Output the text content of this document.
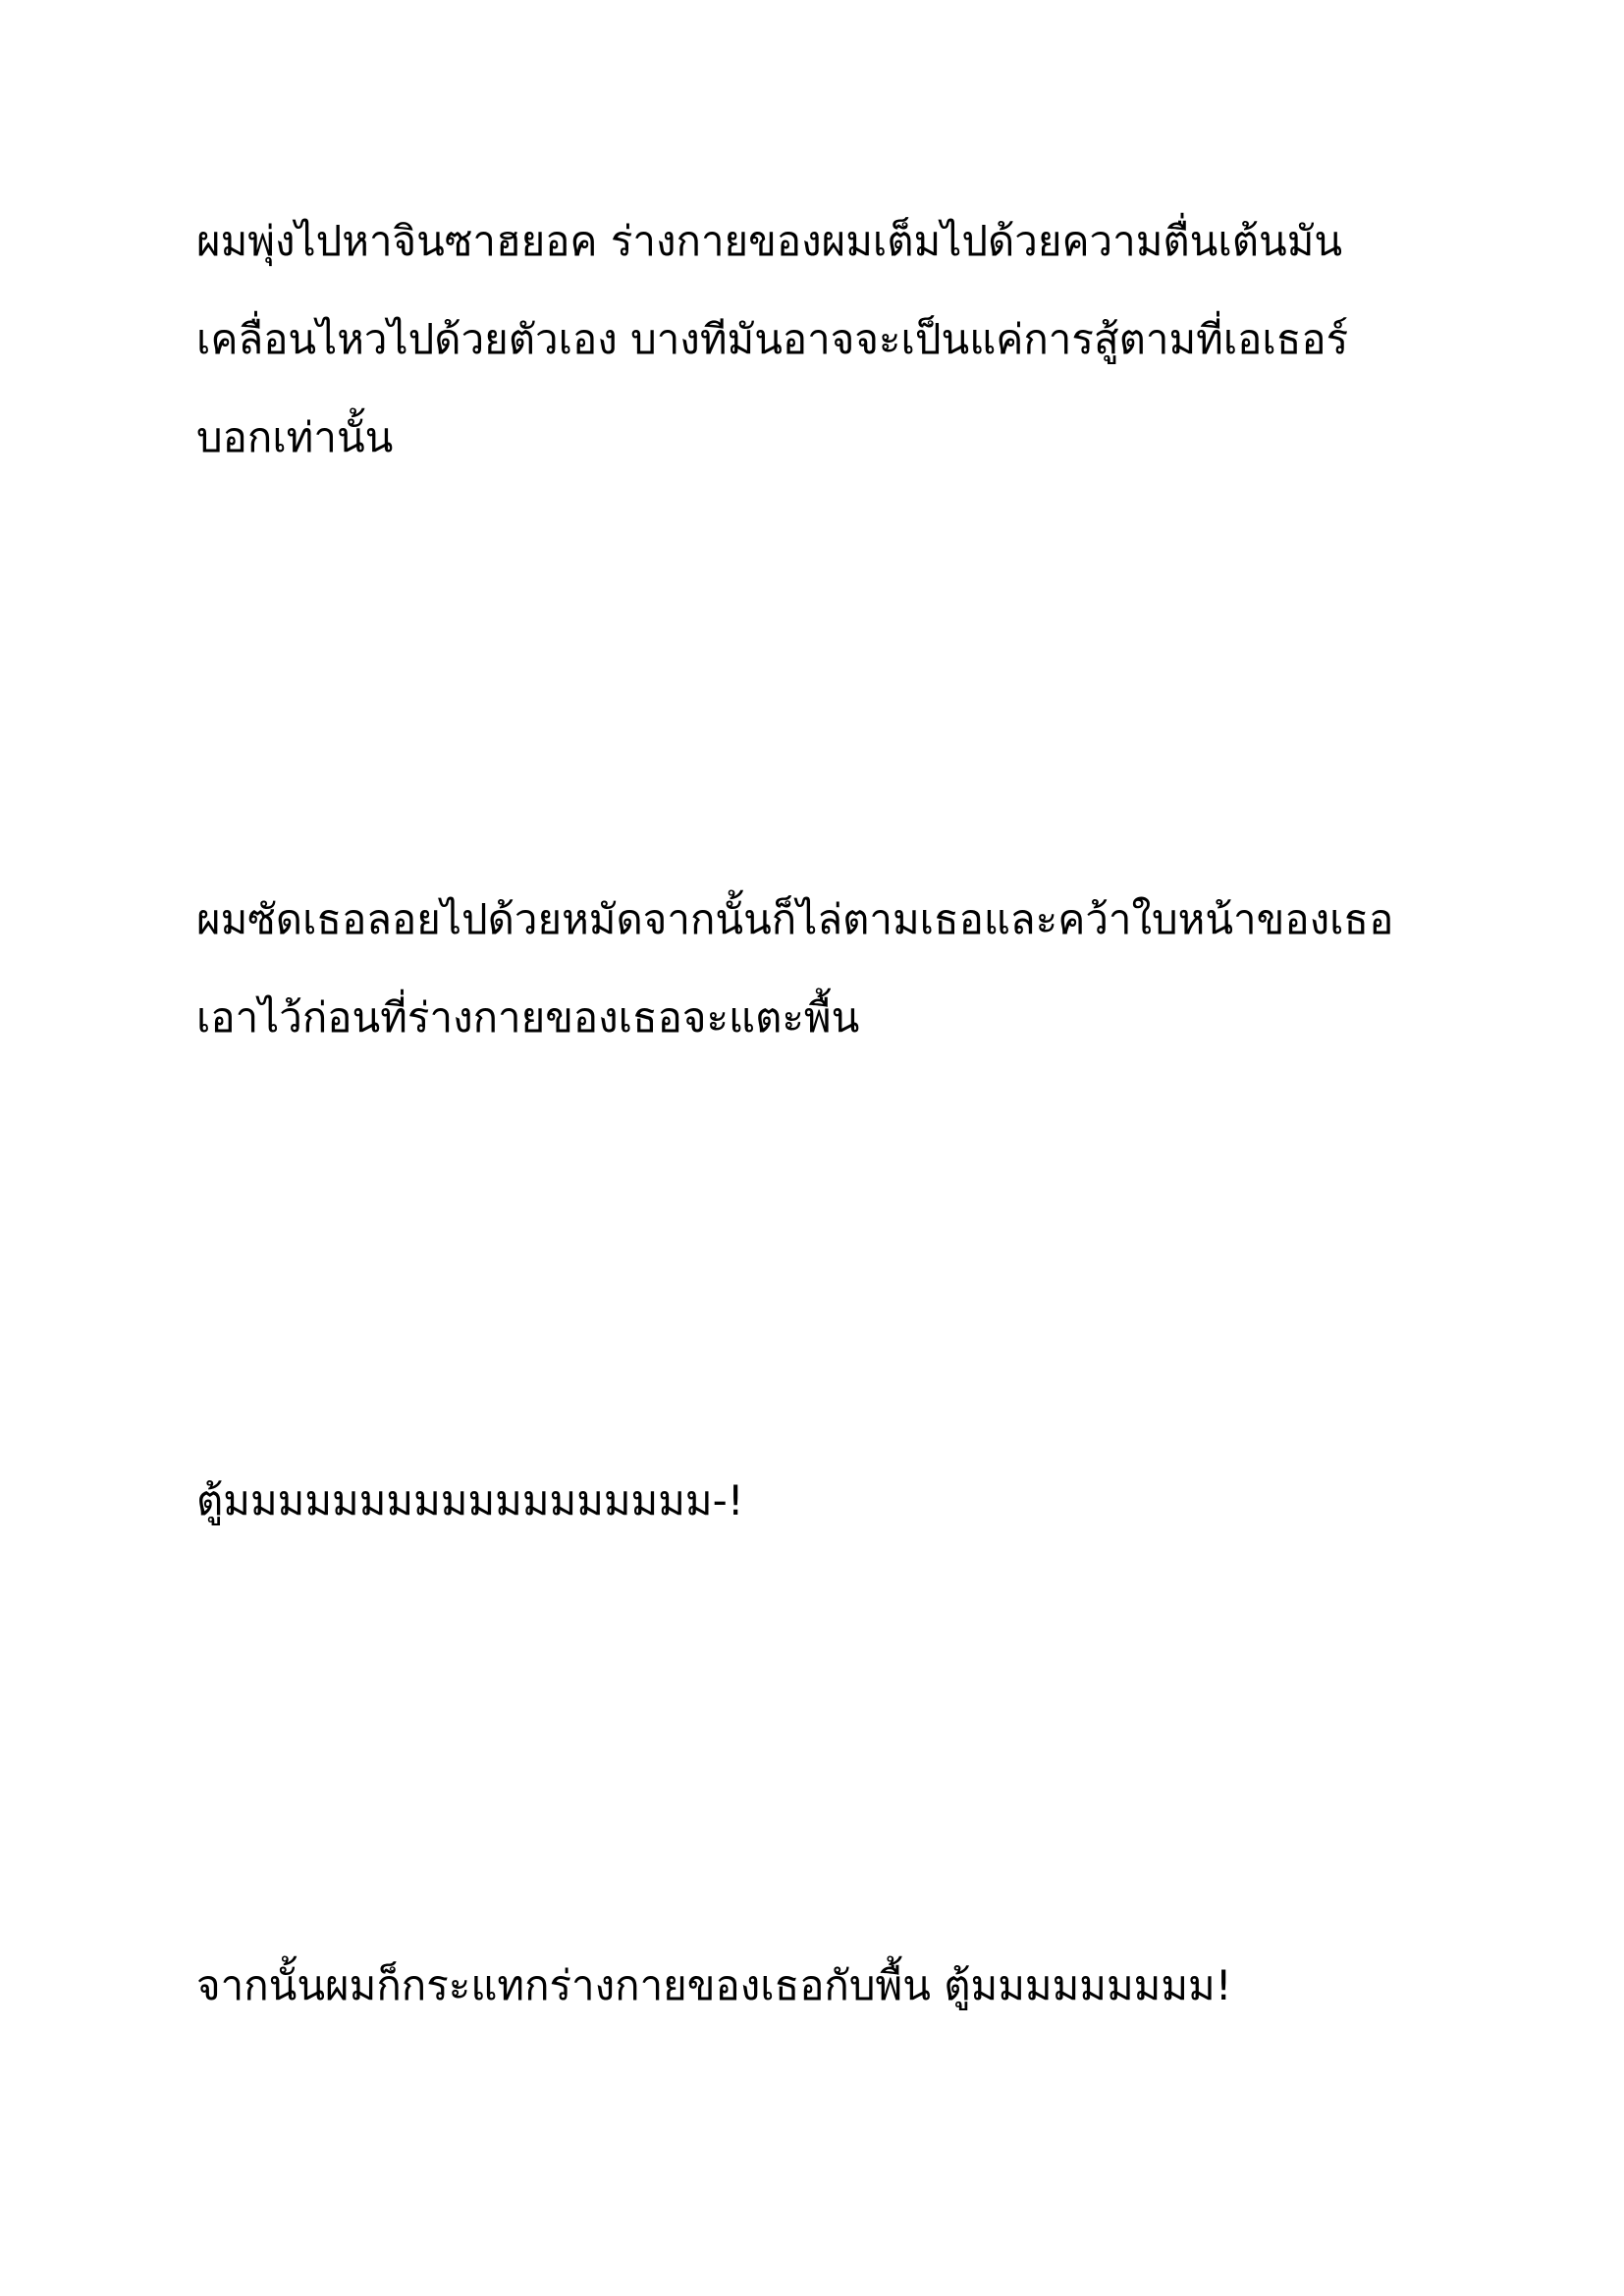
ผมพุ่งไปหาจินซาฮยอค ร่างกายของผมเต็มไปด้วยความตื่นเต้นมัน
เคลื่อนไหวไปด้วยตัวเอง บางทีมันอาจจะเป็นแค่การสู้ตามที่เอเธอร์
บอกเท่านั้น

ผมซัดเธอลอยไปด้วยหมัดจากนั้นก็ไล่ตามเธอและคว้าใบหน้าของเธอ
เอาไว้ก่อนที่ร่างกายของเธอจะแตะพื้น

ตู้มมมมมมมมมมมมมมมมมม-!

จากนั้นผมก็กระแทกร่างกายของเธอกับพื้น ตู้มมมมมมมมม!
